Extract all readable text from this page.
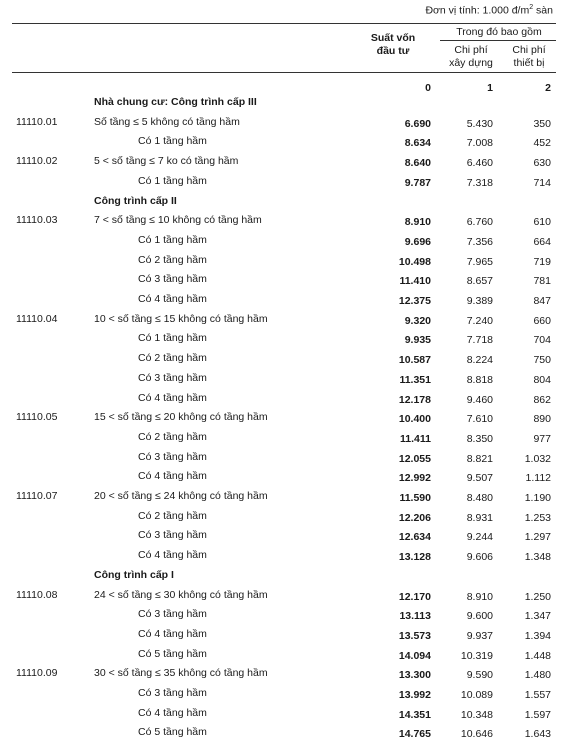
Đơn vị tính: 1.000 $đ/m^2$ sàn
Suất vốn
đầu tư
Trong đó bao gồm
Chi phí
xây dựng
Chi phí
thiết bị
0	1	2
Nhà chung cư: Công trình cấp III
11110.01	Số tầng ≤ 5 không có tầng hầm	6.690	5.430	350
Có 1 tầng hầm	8.634	7.008	452
11110.02	5 < số tầng ≤ 7 ko có tầng hầm	8.640	6.460	630
Có 1 tầng hầm	9.787	7.318	714
Công trình cấp II
11110.03	7 < số tầng ≤ 10 không có tầng hầm	8.910	6.760	610
Có 1 tầng hầm	9.696	7.356	664
Có 2 tầng hầm	10.498	7.965	719
Có 3 tầng hầm	11.410	8.657	781
Có 4 tầng hầm	12.375	9.389	847
11110.04	10 < số tầng ≤ 15 không có tầng hầm	9.320	7.240	660
Có 1 tầng hầm	9.935	7.718	704
Có 2 tầng hầm	10.587	8.224	750
Có 3 tầng hầm	11.351	8.818	804
Có 4 tầng hầm	12.178	9.460	862
11110.05	15 < số tầng ≤ 20 không có tầng hầm	10.400	7.610	890
Có 2 tầng hầm	11.411	8.350	977
Có 3 tầng hầm	12.055	8.821	1.032
Có 4 tầng hầm	12.992	9.507	1.112
11110.07	20 < số tầng ≤ 24 không có tầng hầm	11.590	8.480	1.190
Có 2 tầng hầm	12.206	8.931	1.253
Có 3 tầng hầm	12.634	9.244	1.297
Có 4 tầng hầm	13.128	9.606	1.348
Công trình cấp I
11110.08	24 < số tầng ≤ 30 không có tầng hầm	12.170	8.910	1.250
Có 3 tầng hầm	13.113	9.600	1.347
Có 4 tầng hầm	13.573	9.937	1.394
Có 5 tầng hầm	14.094	10.319	1.448
11110.09	30 < số tầng ≤ 35 không có tầng hầm	13.300	9.590	1.480
Có 3 tầng hầm	13.992	10.089	1.557
Có 4 tầng hầm	14.351	10.348	1.597
Có 5 tầng hầm	14.765	10.646	1.643
